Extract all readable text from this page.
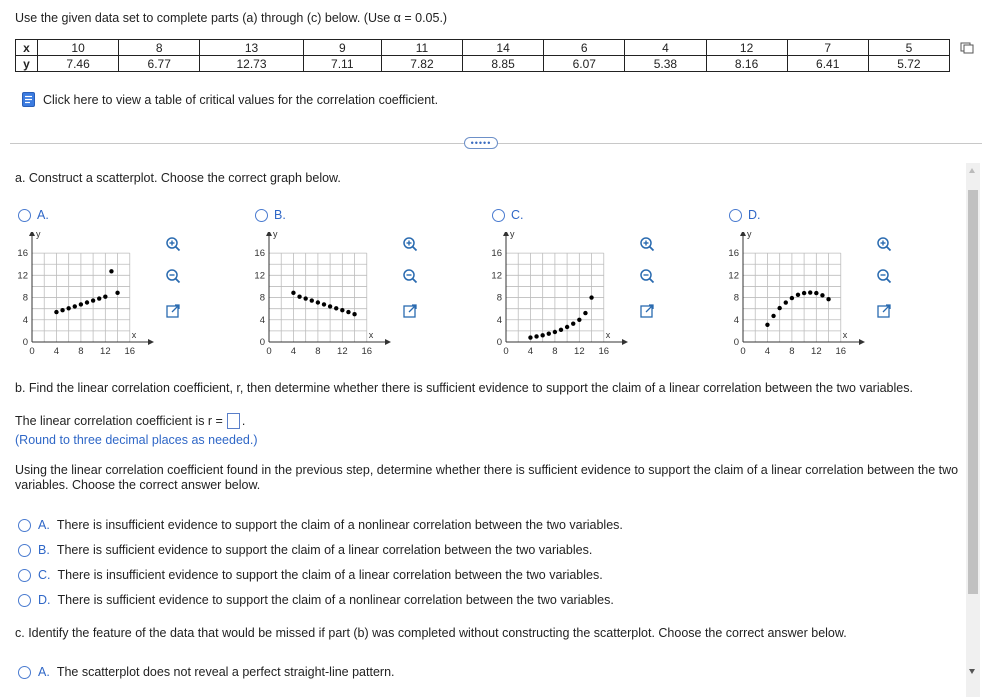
Use the given data set to complete parts (a) through (c) below. (Use α = 0.05.)
x	10	8	13	9	11	14	6	4	12	7	5
y	7.46	6.77	12.73	7.11	7.82	8.85	6.07	5.38	8.16	6.41	5.72
Click here to view a table of critical values for the correlation coefficient.
•••••
a. Construct a scatterplot. Choose the correct graph below.
A.
0 4 8 12 16
0
4
8
12
16
x
y
B.
0 4 8 12 16
0
4
8
12
16
x
y
C.
0 4 8 12 16
0
4
8
12
16
x
y
D.
0 4 8 12 16
0
4
8
12
16
x
y
b. Find the linear correlation coefficient, r, then determine whether there is sufficient evidence to support the claim of a linear correlation between the two variables.
The linear correlation coefficient is r = .
(Round to three decimal places as needed.)
Using the linear correlation coefficient found in the previous step, determine whether there is sufficient evidence to support the claim of a linear correlation between the two variables. Choose the correct answer below.
A. There is insufficient evidence to support the claim of a nonlinear correlation between the two variables.
B. There is sufficient evidence to support the claim of a linear correlation between the two variables.
C. There is insufficient evidence to support the claim of a linear correlation between the two variables.
D. There is sufficient evidence to support the claim of a nonlinear correlation between the two variables.
c. Identify the feature of the data that would be missed if part (b) was completed without constructing the scatterplot. Choose the correct answer below.
A. The scatterplot does not reveal a perfect straight-line pattern.
